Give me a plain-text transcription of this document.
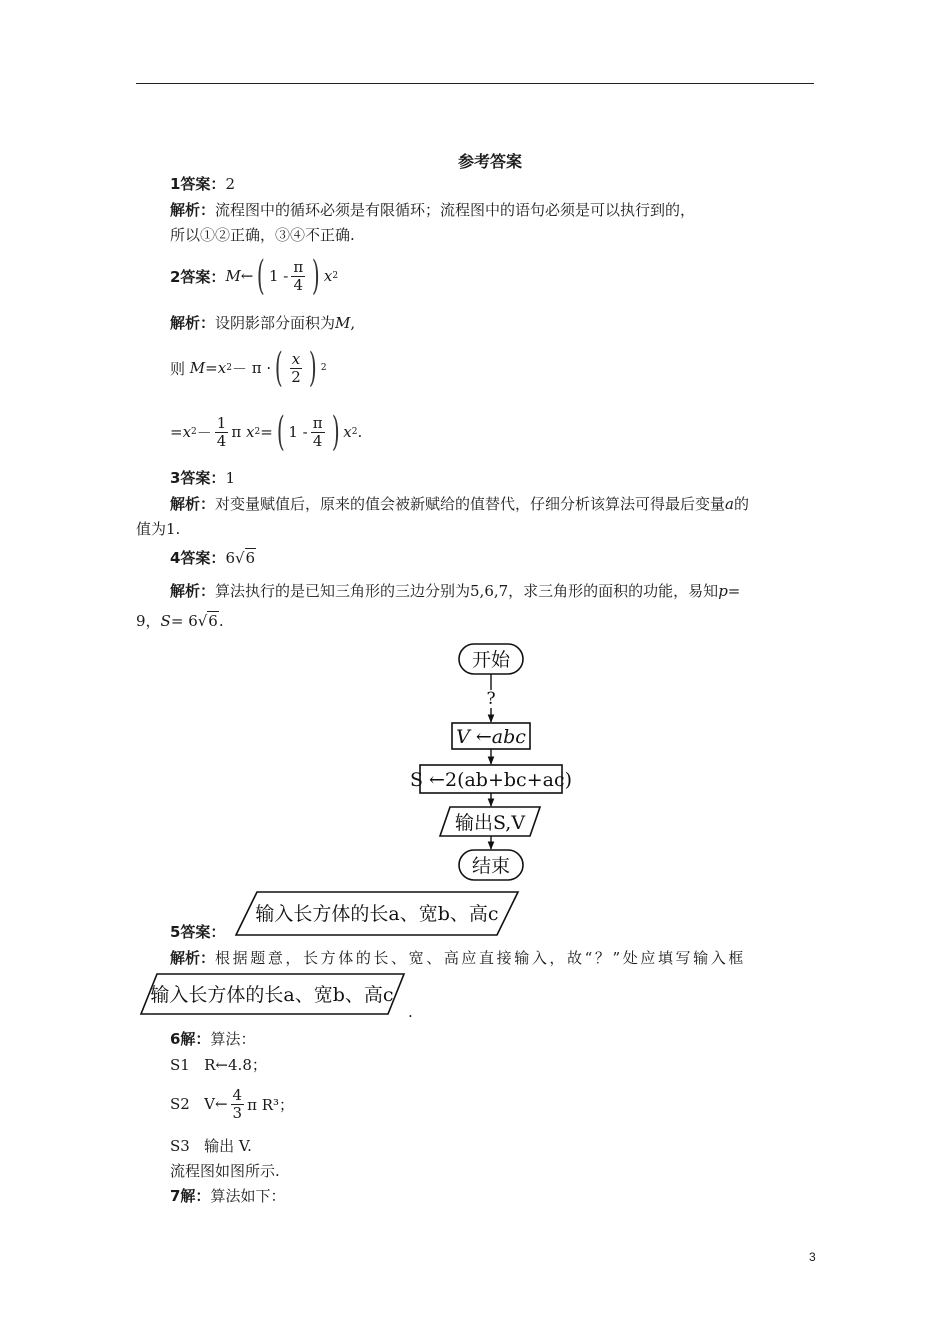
参考答案
1答案：2
解析：流程图中的循环必须是有限循环；流程图中的语句必须是可以执行到的，
所以①②正确，③④不正确.
2答案： M ← ( $1 - \frac{\pi}{4}$ ) x 2
解析：设阴影部分面积为M,
则
M = x 2 －
π · ( $\frac{x}{2}$ ) 2
= x $2 - \frac{1}{4}$ π
x 2 = ( $1 - \frac{\pi}{4}$ ) x 2 .
3答案：1
解析：对变量赋值后，原来的值会被新赋给的值替代，仔细分析该算法可得最后变量a的
值为1.
4答案：6√6
解析：算法执行的是已知三角形的三边分别为5,6,7，求三角形的面积的功能，易知p=
9，S= 6√6.
开始
?
V ←abc
S ←2(ab+bc+ac)
输出S,V
结束
输入长方体的长a、宽b、高c
输入长方体的长a、宽b、高c
5答案：
解析：根据题意，长方体的长、宽、高应直接输入，故“？”处应填写输入框
.
6解：算法：
S1 R←4.8；
S2
V← $\frac{4}{3}$ π R³；
S3 输出 V.
流程图如图所示.
7解：算法如下：
3
